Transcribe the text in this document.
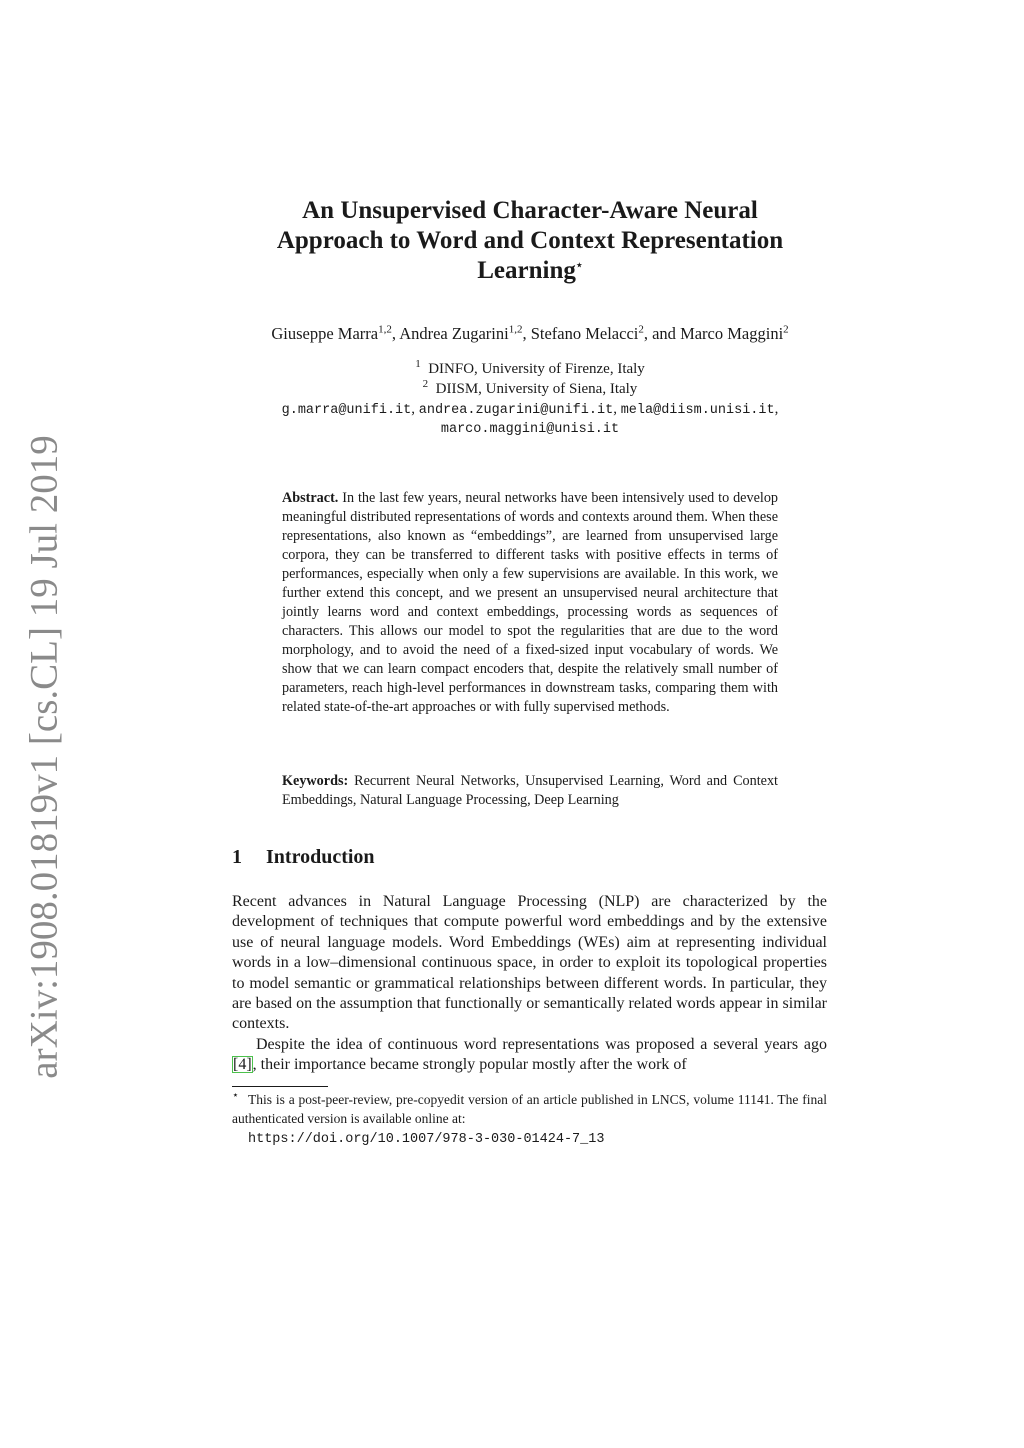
arXiv:1908.01819v1 [cs.CL] 19 Jul 2019
An Unsupervised Character-Aware Neural
Approach to Word and Context Representation
Learning⋆
Giuseppe Marra$^{1,2}$, Andrea Zugarini$^{1,2}$, Stefano Melacci$^2$, and Marco Maggini$^2$
$^1$ DINFO, University of Firenze, Italy
$^2$ DIISM, University of Siena, Italy
g.marra@unifi.it, andrea.zugarini@unifi.it, mela@diism.unisi.it,
marco.maggini@unisi.it
Abstract. In the last few years, neural networks have been intensively used to develop meaningful distributed representations of words and contexts around them. When these representations, also known as “embeddings”, are learned from unsupervised large corpora, they can be transferred to different tasks with positive effects in terms of performances, especially when only a few supervisions are available. In this work, we further extend this concept, and we present an unsupervised neural architecture that jointly learns word and context embeddings, processing words as sequences of characters. This allows our model to spot the regularities that are due to the word morphology, and to avoid the need of a fixed-sized input vocabulary of words. We show that we can learn compact encoders that, despite the relatively small number of parameters, reach high-level performances in downstream tasks, comparing them with related state-of-the-art approaches or with fully supervised methods.
Keywords: Recurrent Neural Networks, Unsupervised Learning, Word and Context Embeddings, Natural Language Processing, Deep Learning
1 Introduction

Recent advances in Natural Language Processing (NLP) are characterized by the development of techniques that compute powerful word embeddings and by the extensive use of neural language models. Word Embeddings (WEs) aim at representing individual words in a low–dimensional continuous space, in order to exploit its topological properties to model semantic or grammatical relationships between different words. In particular, they are based on the assumption that functionally or semantically related words appear in similar contexts.

Despite the idea of continuous word representations was proposed a several years ago [4], their importance became strongly popular mostly after the work of

⋆ This is a post-peer-review, pre-copyedit version of an article published in LNCS, volume 11141. The final authenticated version is available online at:
https://doi.org/10.1007/978-3-030-01424-7_13
